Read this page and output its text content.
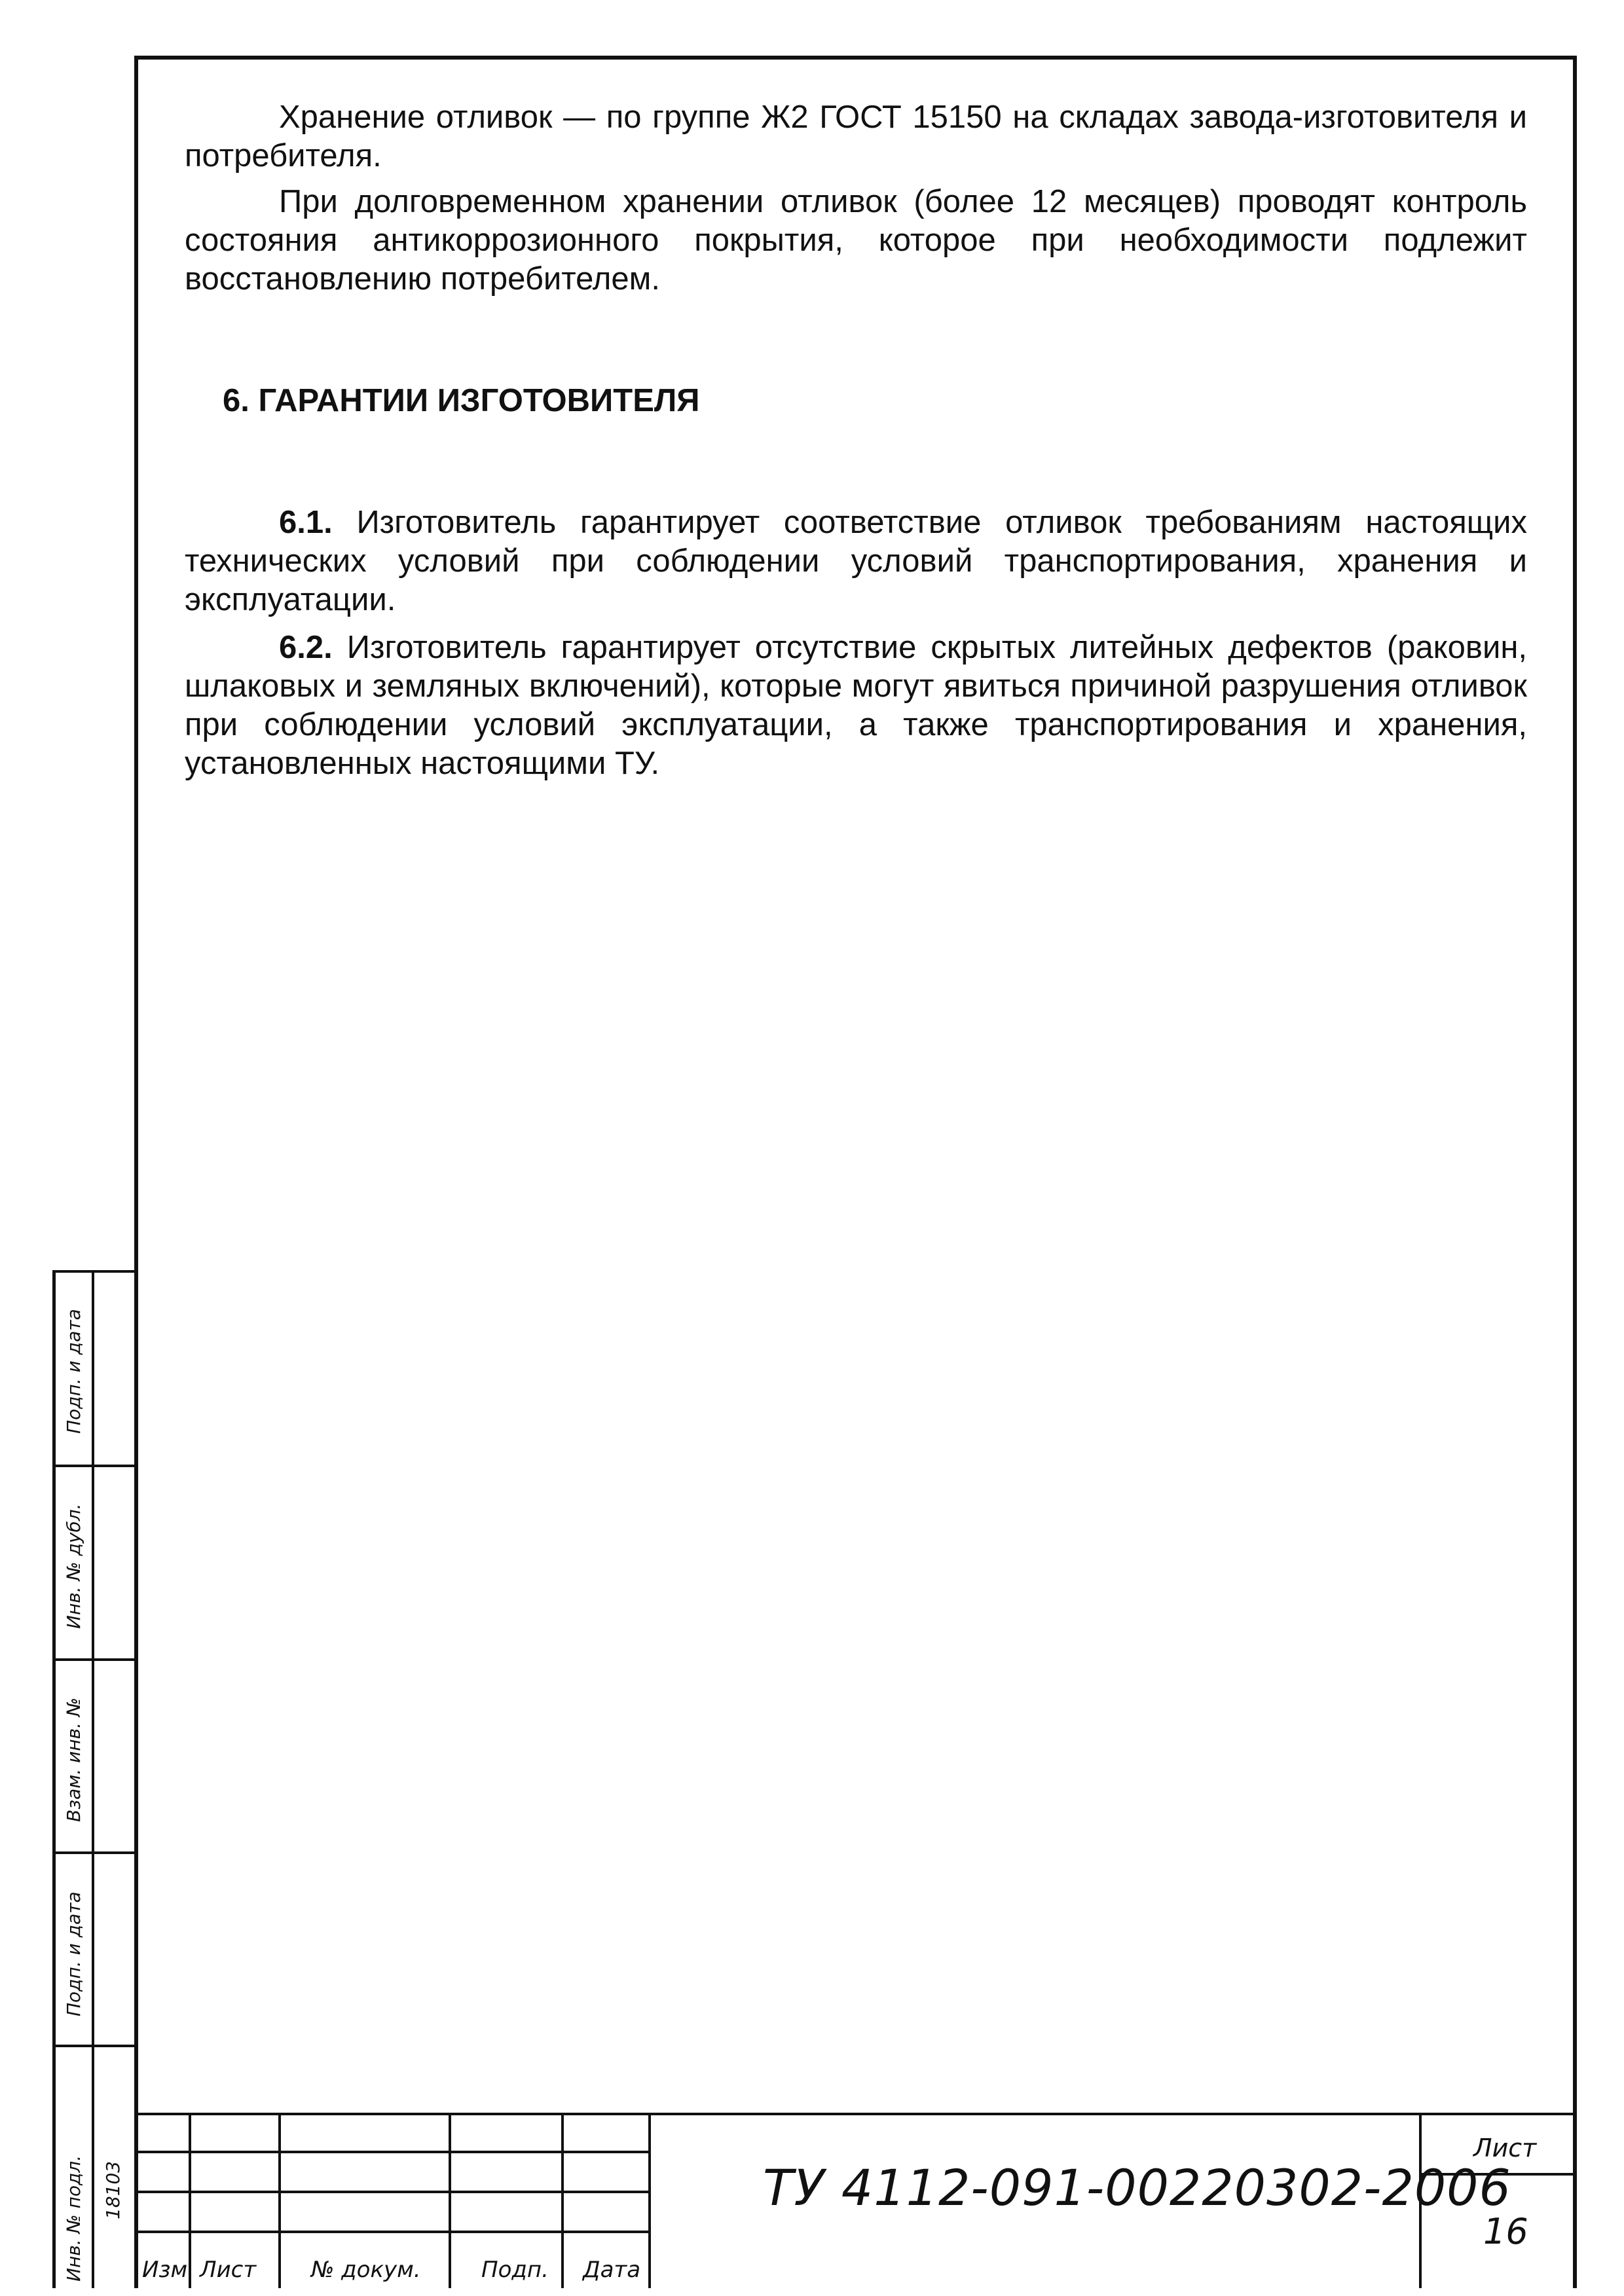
Хранение отливок — по группе Ж2 ГОСТ 15150 на складах завода-изготовителя и потребителя.

При долговременном хранении отливок (более 12 месяцев) проводят контроль состояния антикоррозионного покрытия, которое при необходимости подлежит восстановлению потребителем.

6. ГАРАНТИИ ИЗГОТОВИТЕЛЯ

6.1. Изготовитель гарантирует соответствие отливок требованиям настоящих технических условий при соблюдении условий транспортирования, хранения и эксплуатации.

6.2. Изготовитель гарантирует отсутствие скрытых литейных дефектов (раковин, шлаковых и земляных включений), которые могут явиться причиной разрушения отливок при соблюдении условий эксплуатации, а также транспортирования и хранения, установленных настоящими ТУ.

Подп. и дата
Инв. № дубл.
Взам. инв. №
Подп. и дата
Инв. № подл. 18103
Изм Лист № докум.	Подп. Дата
ТУ 4112-091-00220302-2006
Лист
16
